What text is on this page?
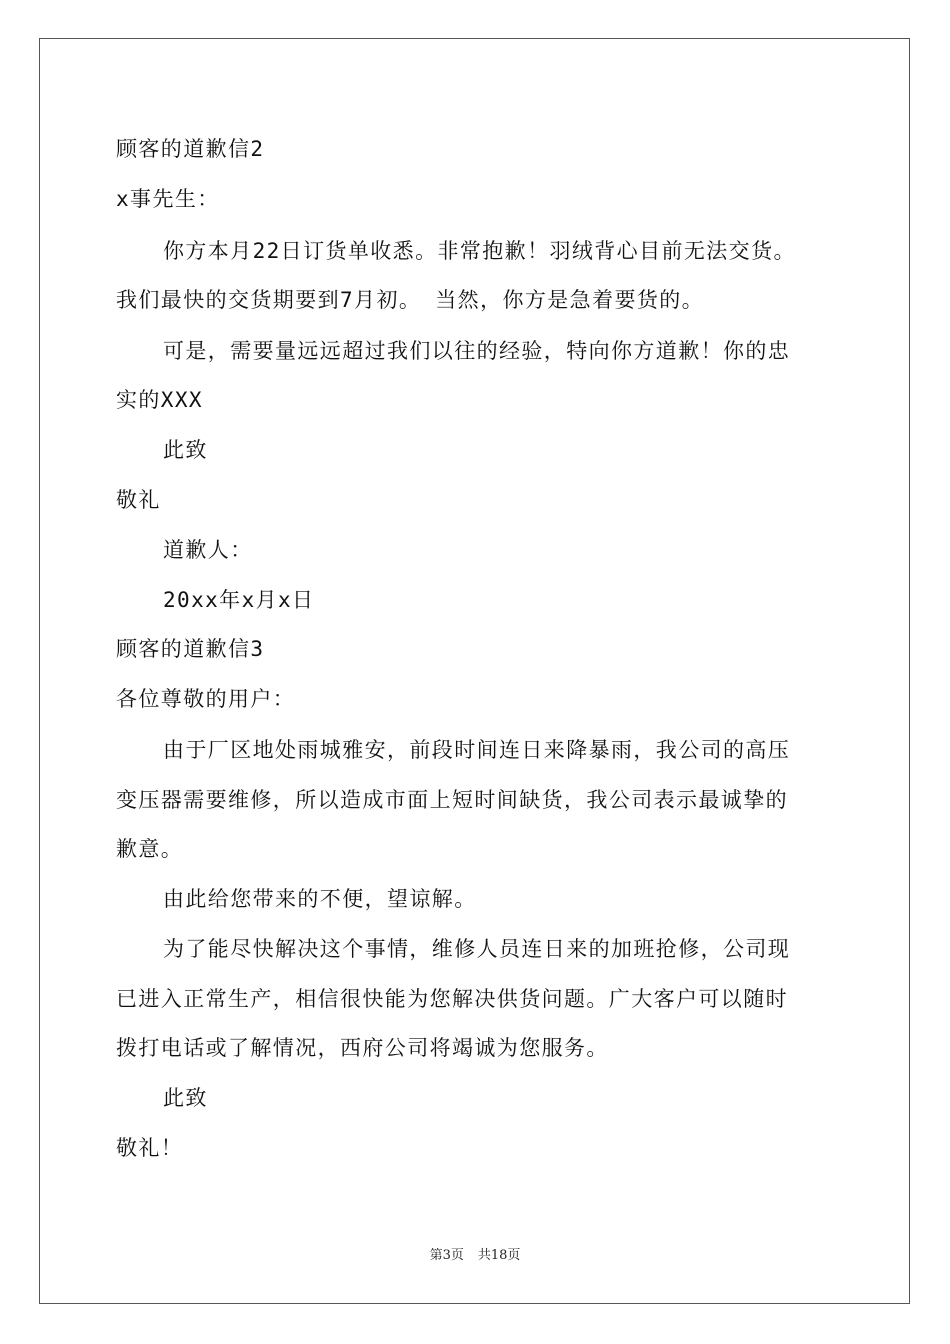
顾客的道歉信2
x事先生：
你方本月22日订货单收悉。非常抱歉！羽绒背心目前无法交货。
我们最快的交货期要到7月初。 当然，你方是急着要货的。
可是，需要量远远超过我们以往的经验，特向你方道歉！你的忠
实的XXX
此致
敬礼
道歉人：
20xx年x月x日
顾客的道歉信3
各位尊敬的用户：
由于厂区地处雨城雅安，前段时间连日来降暴雨，我公司的高压
变压器需要维修，所以造成市面上短时间缺货，我公司表示最诚挚的
歉意。
由此给您带来的不便，望谅解。
为了能尽快解决这个事情，维修人员连日来的加班抢修，公司现
已进入正常生产，相信很快能为您解决供货问题。广大客户可以随时
拨打电话或了解情况，西府公司将竭诚为您服务。
此致
敬礼！
第3页 共18页
